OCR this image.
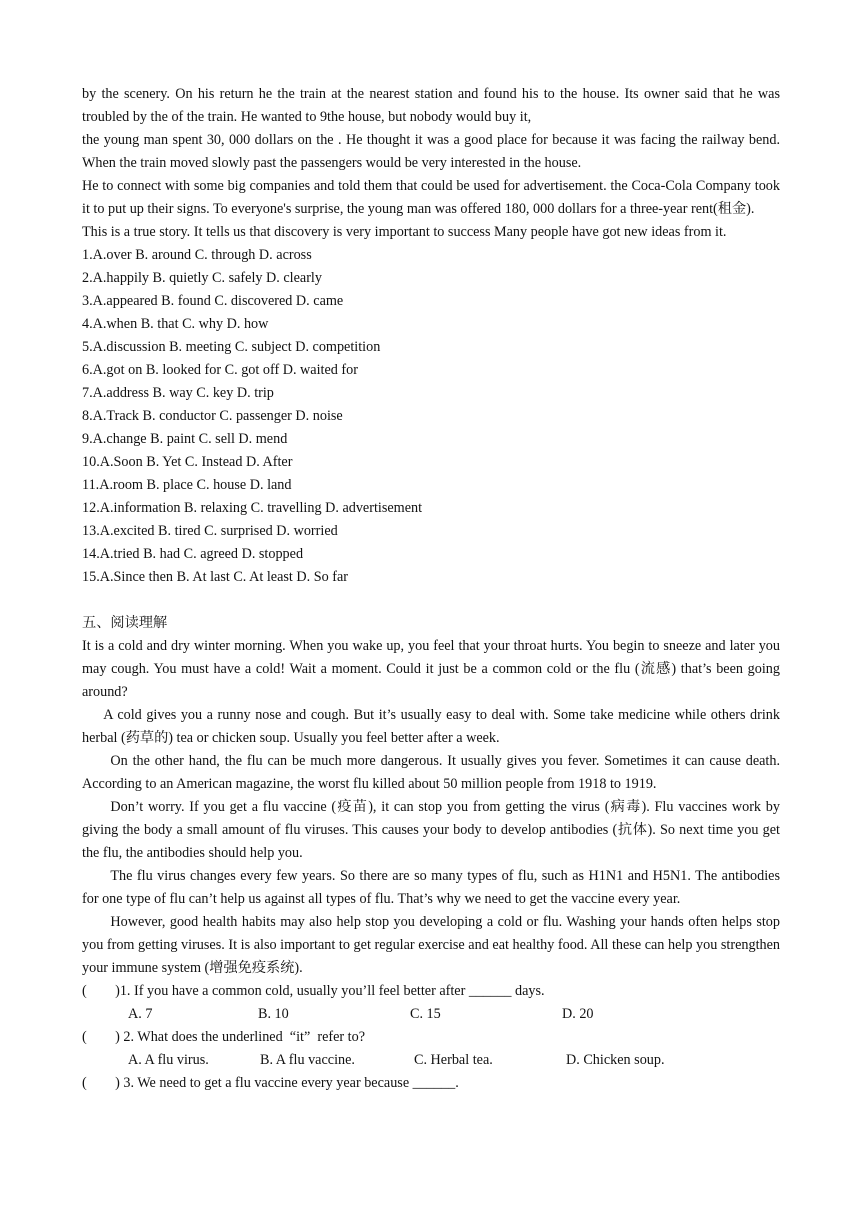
by the scenery. On his return he the train at the nearest station and found his to the house. Its owner said that he was troubled by the of the train. He wanted to 9the house, but nobody would buy it,

the young man spent 30, 000 dollars on the . He thought it was a good place for because it was facing the railway bend. When the train moved slowly past the passengers would be very interested in the house.

He to connect with some big companies and told them that could be used for advertisement. the Coca-Cola Company took it to put up their signs. To everyone's surprise, the young man was offered 180, 000 dollars for a three-year rent(租金).

This is a true story. It tells us that discovery is very important to success Many people have got new ideas from it.

1.A.over B. around C. through D. across

2.A.happily B. quietly C. safely D. clearly

3.A.appeared B. found C. discovered D. came

4.A.when B. that C. why D. how

5.A.discussion B. meeting C. subject D. competition

6.A.got on B. looked for C. got off D. waited for

7.A.address B. way C. key D. trip

8.A.Track B. conductor C. passenger D. noise

9.A.change B. paint C. sell D. mend

10.A.Soon B. Yet C. Instead D. After

11.A.room B. place C. house D. land

12.A.information B. relaxing C. travelling D. advertisement

13.A.excited B. tired C. surprised D. worried

14.A.tried B. had C. agreed D. stopped

15.A.Since then B. At last C. At least D. So far

五、阅读理解

It is a cold and dry winter morning. When you wake up, you feel that your throat hurts. You begin to sneeze and later you may cough. You must have a cold! Wait a moment. Could it just be a common cold or the flu (流感) that’s been going around?

A cold gives you a runny nose and cough. But it’s usually easy to deal with. Some take medicine while others drink herbal (药草的) tea or chicken soup. Usually you feel better after a week.

On the other hand, the flu can be much more dangerous. It usually gives you fever. Sometimes it can cause death. According to an American magazine, the worst flu killed about 50 million people from 1918 to 1919.

Don’t worry. If you get a flu vaccine (疫苗), it can stop you from getting the virus (病毒). Flu vaccines work by giving the body a small amount of flu viruses. This causes your body to develop antibodies (抗体). So next time you get the flu, the antibodies should help you.

The flu virus changes every few years. So there are so many types of flu, such as H1N1 and H5N1. The antibodies for one type of flu can’t help us against all types of flu. That’s why we need to get the vaccine every year.

However, good health habits may also help stop you developing a cold or flu. Washing your hands often helps stop you from getting viruses. It is also important to get regular exercise and eat healthy food. All these can help you strengthen your immune system (增强免疫系统).

(        )1. If you have a common cold, usually you’ll feel better after ______ days.

A. 7	B. 10	C. 15	D. 20

(        ) 2. What does the underlined  “it”  refer to?

A. A flu virus.	B. A flu vaccine.	C. Herbal tea.	D. Chicken soup.

(        ) 3. We need to get a flu vaccine every year because ______.
